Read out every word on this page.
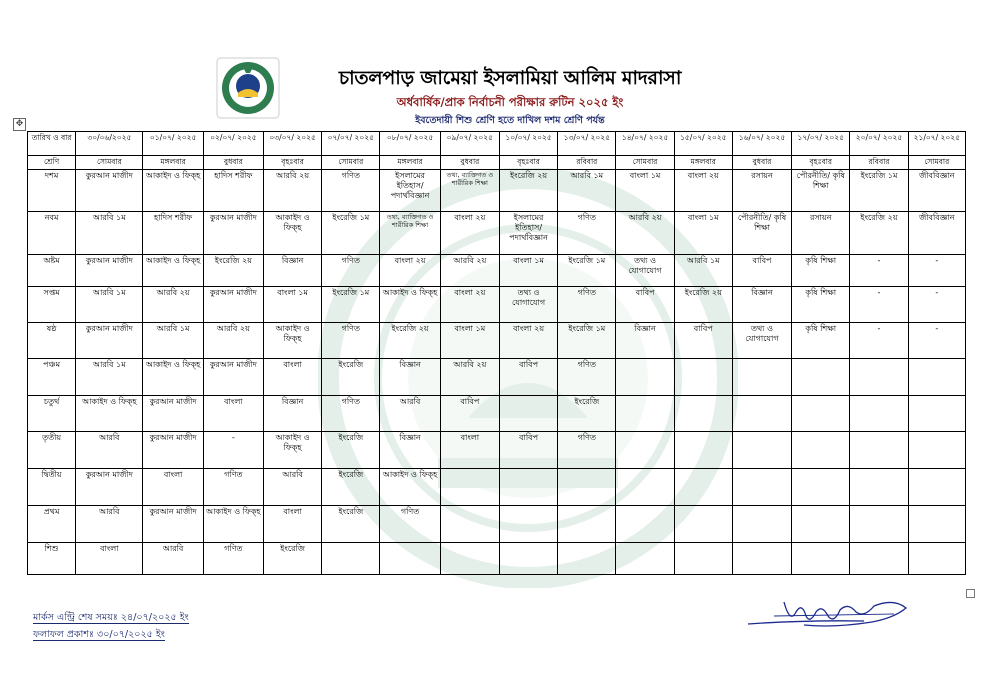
চাতলপাড় জামেয়া ইসলামিয়া আলিম মাদরাসা
অর্ধবার্ষিক/প্রাক নির্বাচনী পরীক্ষার রুটিন ২০২৫ ইং
ইবতেদায়ী শিশু শ্রেণি হতে দাখিল দশম শ্রেণি পর্যন্ত
✥
তারিখ ও বার	৩০/০৬/২০২৫	০১/০৭/ ২০২৫	০২/০৭/ ২০২৫	০৩/০৭/ ২০২৫	০৭/০৭/ ২০২৫	০৮/০৭/ ২০২৫	০৯/০৭/ ২০২৫	১০/০৭/ ২০২৫	১৩/০৭/ ২০২৫	১৪/০৭/ ২০২৫	১৫/০৭/ ২০২৫	১৬/০৭/ ২০২৫	১৭/০৭/ ২০২৫	২০/০৭/ ২০২৫	২১/০৭/ ২০২৫
শ্রেণি	সোমবার	মঙ্গলবার	বুধবার	বৃহঃবার	সোমবার	মঙ্গলবার	বুধবার	বৃহঃবার	রবিবার	সোমবার	মঙ্গলবার	বুধবার	বৃহঃবার	রবিবার	সোমবার
দশম	কুরআন মাজীদ	আকাইদ ও ফিক্হ	হাদিস শরীফ	আরবি ২য়	গণিত	ইসলামের ইতিহাস/ পদার্থবিজ্ঞান	তথ্য, ব্যাক্তিগত ও শারীরিক শিক্ষা	ইংরেজি ২য়	আরবি ১ম	বাংলা ১ম	বাংলা ২য়	রসায়ন	পৌরনীতি/ কৃষি শিক্ষা	ইংরেজি ১ম	জীববিজ্ঞান
নবম	আরবি ১ম	হাদিস শরীফ	কুরআন মাজীদ	আকাইদ ও ফিক্হ	ইংরেজি ১ম	তথ্য, ব্যাক্তিগত ও শারীরিক শিক্ষা	বাংলা ২য়	ইসলামের ইতিহাস/ পদার্থবিজ্ঞান	গণিত	আরবি ২য়	বাংলা ১ম	পৌরনীতি/ কৃষি শিক্ষা	রসায়ন	ইংরেজি ২য়	জীববিজ্ঞান
অষ্টম	কুরআন মাজীদ	আকাইদ ও ফিক্হ	ইংরেজি ২য়	বিজ্ঞান	গণিত	বাংলা ২য়	আরবি ২য়	বাংলা ১ম	ইংরেজি ১ম	তথ্য ও যোগাযোগ	আরবি ১ম	বাবিপ	কৃষি শিক্ষা	-	-
সপ্তম	আরবি ১ম	আরবি ২য়	কুরআন মাজীদ	বাংলা ১ম	ইংরেজি ১ম	আকাইদ ও ফিক্হ	বাংলা ২য়	তথ্য ও যোগাযোগ	গণিত	বাবিপ	ইংরেজি ২য়	বিজ্ঞান	কৃষি শিক্ষা	-	-
ষষ্ঠ	কুরআন মাজীদ	আরবি ১ম	আরবি ২য়	আকাইদ ও ফিক্হ	গণিত	ইংরেজি ২য়	বাংলা ১ম	বাংলা ২য়	ইংরেজি ১ম	বিজ্ঞান	বাবিপ	তথ্য ও যোগাযোগ	কৃষি শিক্ষা	-	-
পঞ্চম	আরবি ১ম	আকাইদ ও ফিক্হ	কুরআন মাজীদ	বাংলা	ইংরেজি	বিজ্ঞান	আরবি ২য়	বাবিপ	গণিত						
চতুর্থ	আকাইদ ও ফিক্হ	কুরআন মাজীদ	বাংলা	বিজ্ঞান	গণিত	আরবি	বাবিপ		ইংরেজি						
তৃতীয়	আরবি	কুরআন মাজীদ	-	আকাইদ ও ফিক্হ	ইংরেজি	বিজ্ঞান	বাংলা	বাবিপ	গণিত						
দ্বিতীয়	কুরআন মাজীদ	বাংলা	গণিত	আরবি	ইংরেজি	আকাইদ ও ফিক্হ									
প্রথম	আরবি	কুরআন মাজীদ	আকাইদ ও ফিক্হ	বাংলা	ইংরেজি	গণিত									
শিশু	বাংলা	আরবি	গণিত	ইংরেজি											
মার্কস এন্ট্রি শেষ সময়ঃ ২৪/০৭/২০২৫ ইং
ফলাফল প্রকাশঃ ৩০/০৭/২০২৫ ইং
